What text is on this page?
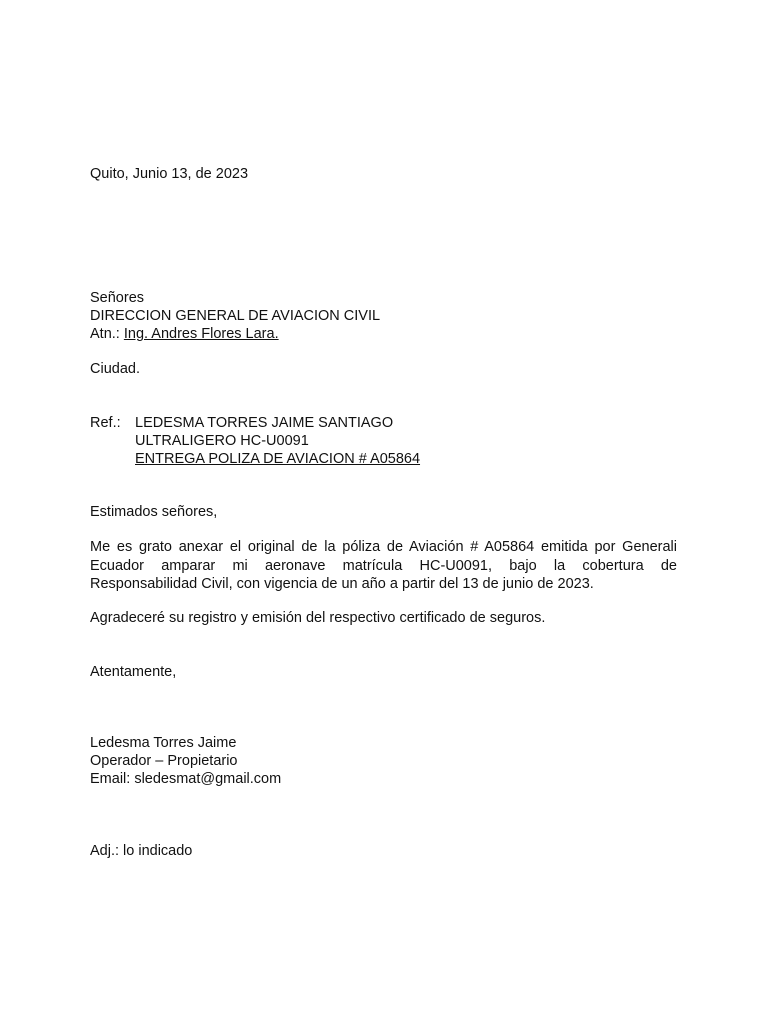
Quito, Junio 13, de 2023
Señores
DIRECCION GENERAL DE AVIACION CIVIL
Atn.: Ing. Andres Flores Lara.
Ciudad.
Ref.: LEDESMA TORRES JAIME SANTIAGO
ULTRALIGERO HC-U0091
ENTREGA POLIZA DE AVIACION # A05864
Estimados señores,
Me es grato anexar el original de la póliza de Aviación # A05864 emitida por Generali
Ecuador amparar mi aeronave matrícula HC-U0091, bajo la cobertura de
Responsabilidad Civil, con vigencia de un año a partir del 13 de junio de 2023.
Agradeceré su registro y emisión del respectivo certificado de seguros.
Atentamente,
Ledesma Torres Jaime
Operador – Propietario
Email: sledesmat@gmail.com
Adj.: lo indicado
